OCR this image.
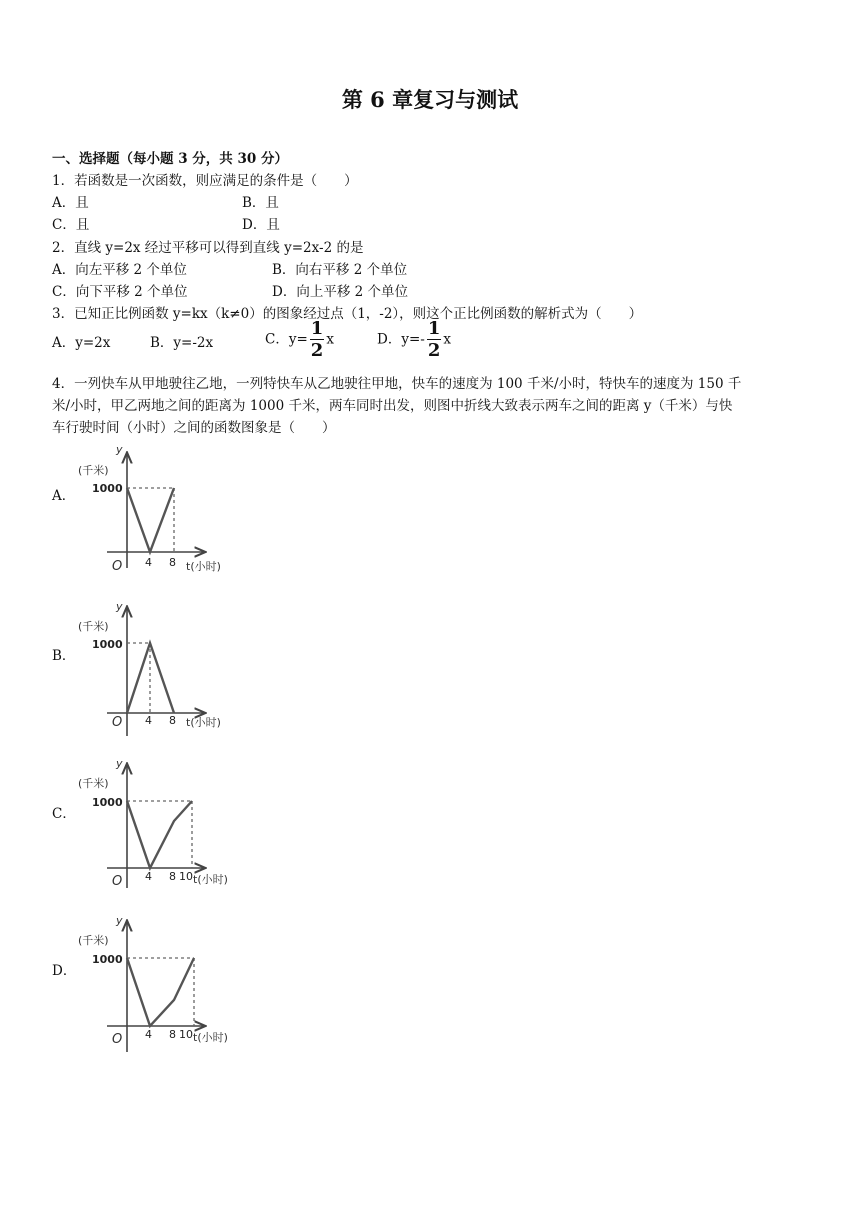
第 6 章复习与测试
一、选择题（每小题 3 分，共 30 分）
1．若函数是一次函数，则应满足的条件是（　　）
A．且	B．且
C．且	D．且
2．直线 y=2x 经过平移可以得到直线 y=2x-2 的是
A．向左平移 2 个单位	B．向右平移 2 个单位
C．向下平移 2 个单位	D．向上平移 2 个单位
3．已知正比例函数 y=kx（k≠0）的图象经过点（1，-2），则这个正比例函数的解析式为（　　）
A．y=2x	B．y=-2x	C．$y= \frac{1}{2}$ x	D．$y=- \frac{1}{2}$ x
4．一列快车从甲地驶往乙地，一列特快车从乙地驶往甲地，快车的速度为 100 千米/小时，特快车的速度为 150 千
米/小时，甲乙两地之间的距离为 1000 千米，两车同时出发，则图中折线大致表示两车之间的距离 y（千米）与快
车行驶时间（小时）之间的函数图象是（　　）
A．
B．
C．
D．
y
(千米)
1000
O 4 8 t(小时)
y
(千米)
1000
O 4 8 t(小时)
y
(千米)
1000
O 4 8 10 t(小时)
y
(千米)
1000
O 4 8 10 t(小时)
